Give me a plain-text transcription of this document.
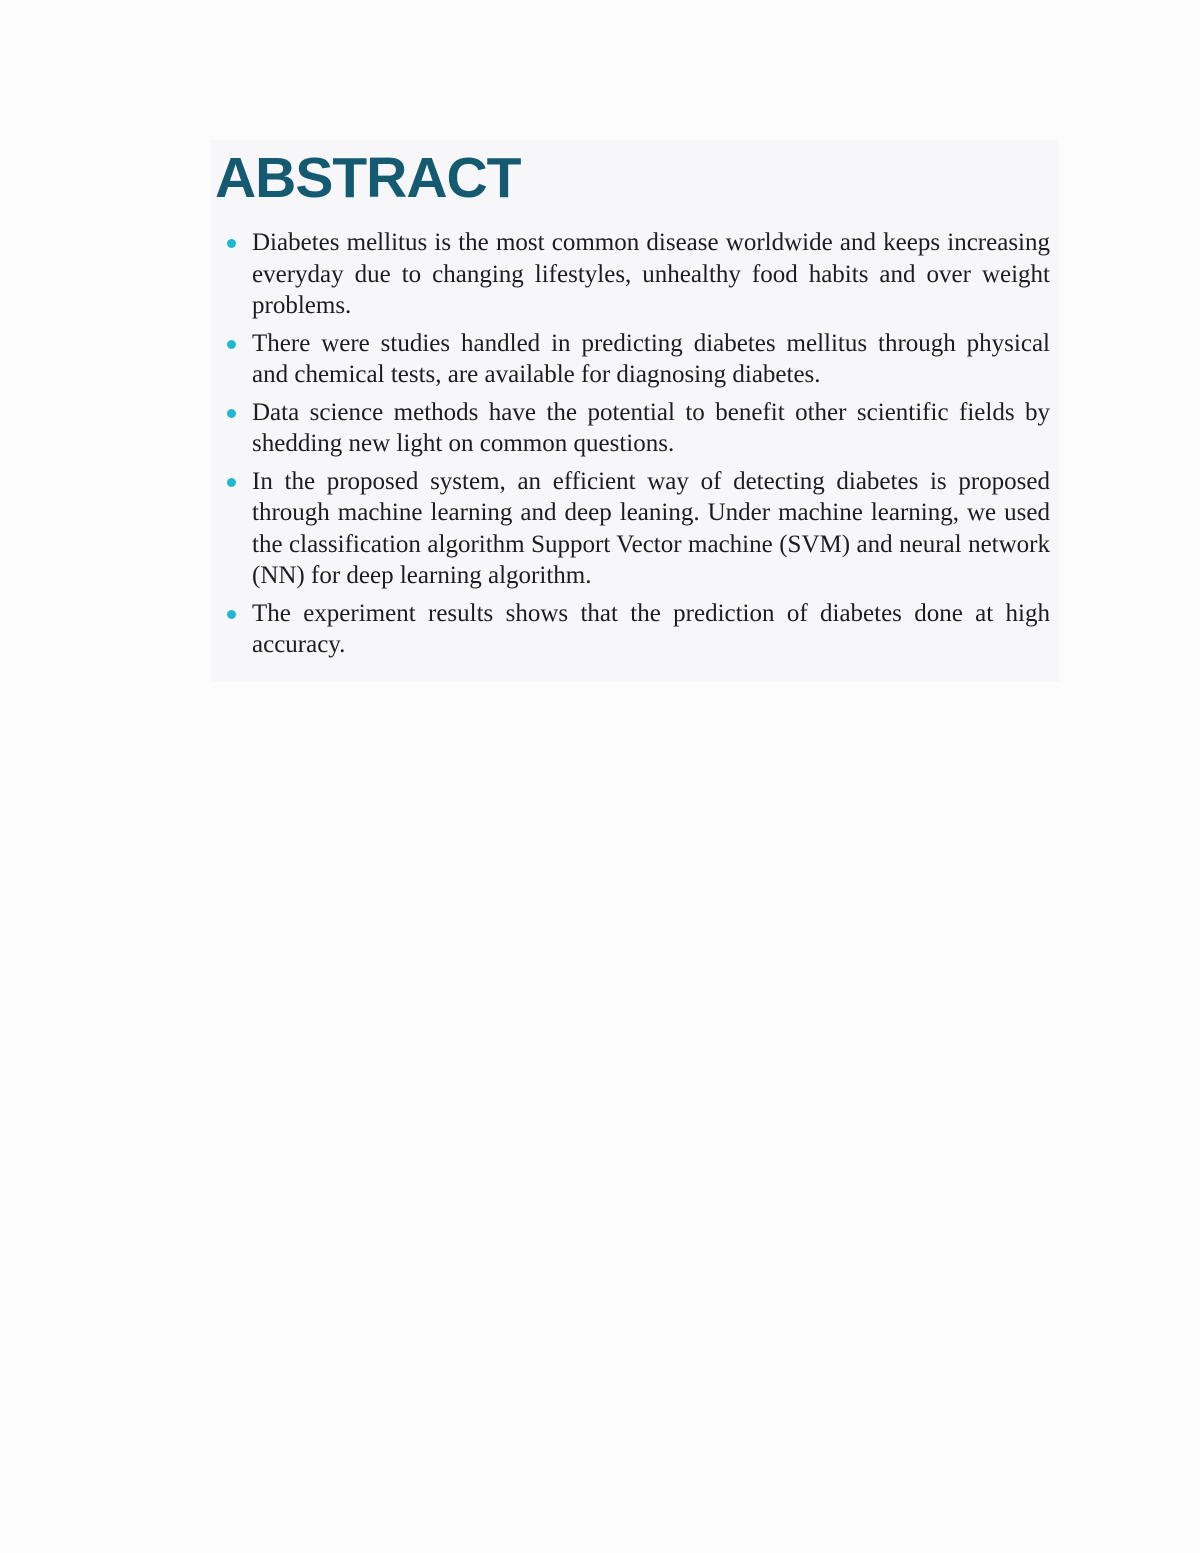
ABSTRACT
Diabetes mellitus is the most common disease worldwide and keeps increasing everyday due to changing lifestyles, unhealthy food habits and over weight problems.
There were studies handled in predicting diabetes mellitus through physical and chemical tests, are available for diagnosing diabetes.
Data science methods have the potential to benefit other scientific fields by shedding new light on common questions.
In the proposed system, an efficient way of detecting diabetes is proposed through machine learning and deep leaning. Under machine learning, we used the classification algorithm Support Vector machine (SVM) and neural network (NN) for deep learning algorithm.
The experiment results shows that the prediction of diabetes done at high accuracy.
